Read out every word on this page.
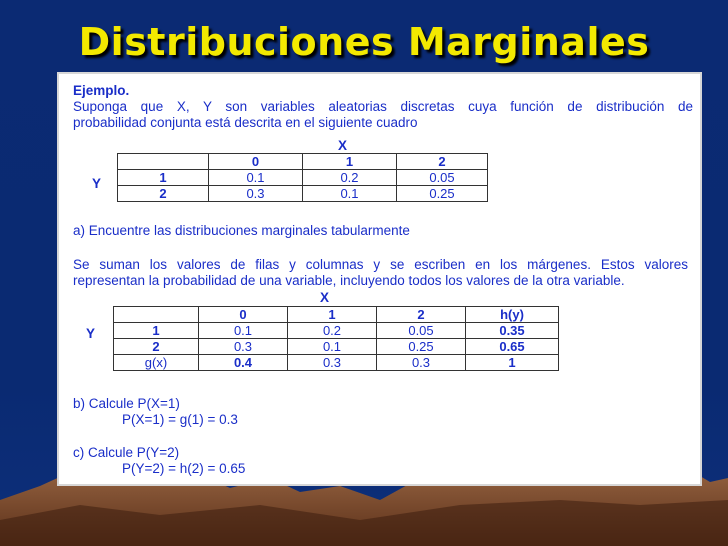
Distribuciones Marginales

Ejemplo.

Suponga que X, Y son variables aleatorias discretas cuya función de distribución de

probabilidad conjunta está descrita en el siguiente cuadro

X
Y
	0	1	2
1	0.1	0.2	0.05
2	0.3	0.1	0.25
a) Encuentre las distribuciones marginales tabularmente

Se suman los valores de filas y columnas y se escriben en los márgenes. Estos valores

representan la probabilidad de una variable, incluyendo todos los valores de la otra variable.

X
Y
	0	1	2	h(y)
1	0.1	0.2	0.05	0.35
2	0.3	0.1	0.25	0.65
g(x)	0.4	0.3	0.3	1
b) Calcule P(X=1)
P(X=1) = g(1) = 0.3
c) Calcule P(Y=2)
P(Y=2) = h(2) = 0.65
